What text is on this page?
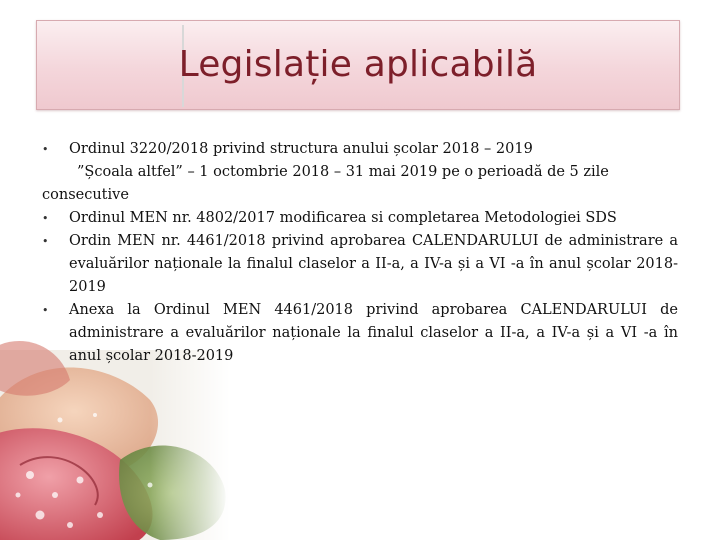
Legislație aplicabilă
• Ordinul 3220/2018 privind structura anului școlar 2018 – 2019
”Școala altfel” – 1 octombrie 2018 – 31 mai 2019 pe o perioadă de 5 zile
consecutive
• Ordinul MEN nr. 4802/2017 modificarea si completarea Metodologiei SDS
• Ordin MEN nr. 4461/2018 privind aprobarea CALENDARULUI de administrare a evaluărilor naționale la finalul claselor a II-a, a IV-a și a VI -a în anul școlar 2018-2019
• Anexa la Ordinul MEN 4461/2018 privind aprobarea CALENDARULUI de administrare a evaluărilor naționale la finalul claselor a II-a, a IV-a și a VI -a în anul școlar 2018-2019
